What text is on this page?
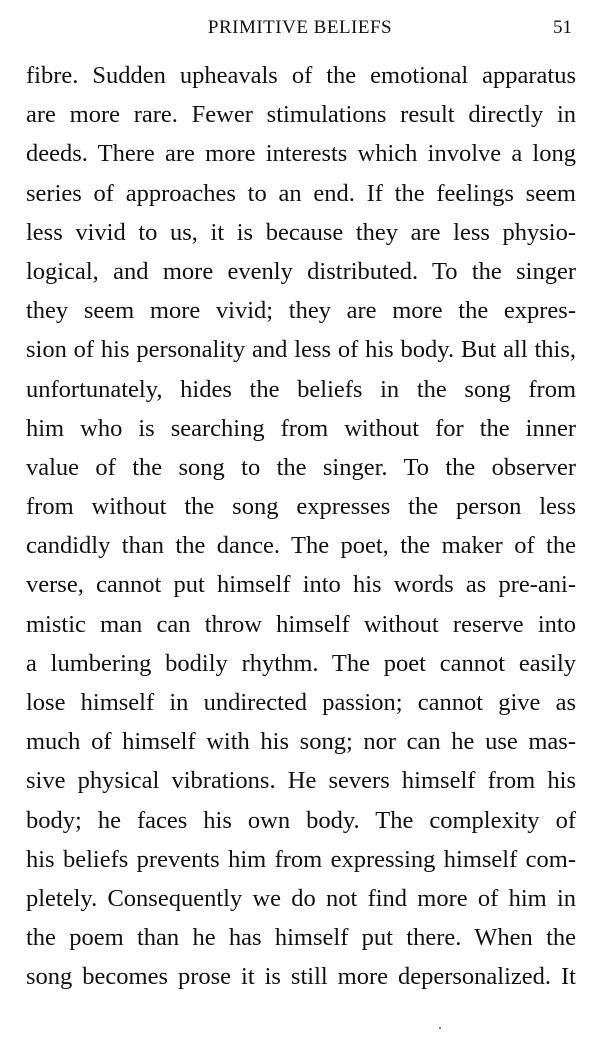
PRIMITIVE BELIEFS	51
fibre. Sudden upheavals of the emotional apparatus
are more rare. Fewer stimulations result directly in
deeds. There are more interests which involve a long
series of approaches to an end. If the feelings seem
less vivid to us, it is because they are less physio-
logical, and more evenly distributed. To the singer
they seem more vivid; they are more the expres-
sion of his personality and less of his body. But all this,
unfortunately, hides the beliefs in the song from
him who is searching from without for the inner
value of the song to the singer. To the observer
from without the song expresses the person less
candidly than the dance. The poet, the maker of the
verse, cannot put himself into his words as pre-ani-
mistic man can throw himself without reserve into
a lumbering bodily rhythm. The poet cannot easily
lose himself in undirected passion; cannot give as
much of himself with his song; nor can he use mas-
sive physical vibrations. He severs himself from his
body; he faces his own body. The complexity of
his beliefs prevents him from expressing himself com-
pletely. Consequently we do not find more of him in
the poem than he has himself put there. When the
song becomes prose it is still more depersonalized. It
